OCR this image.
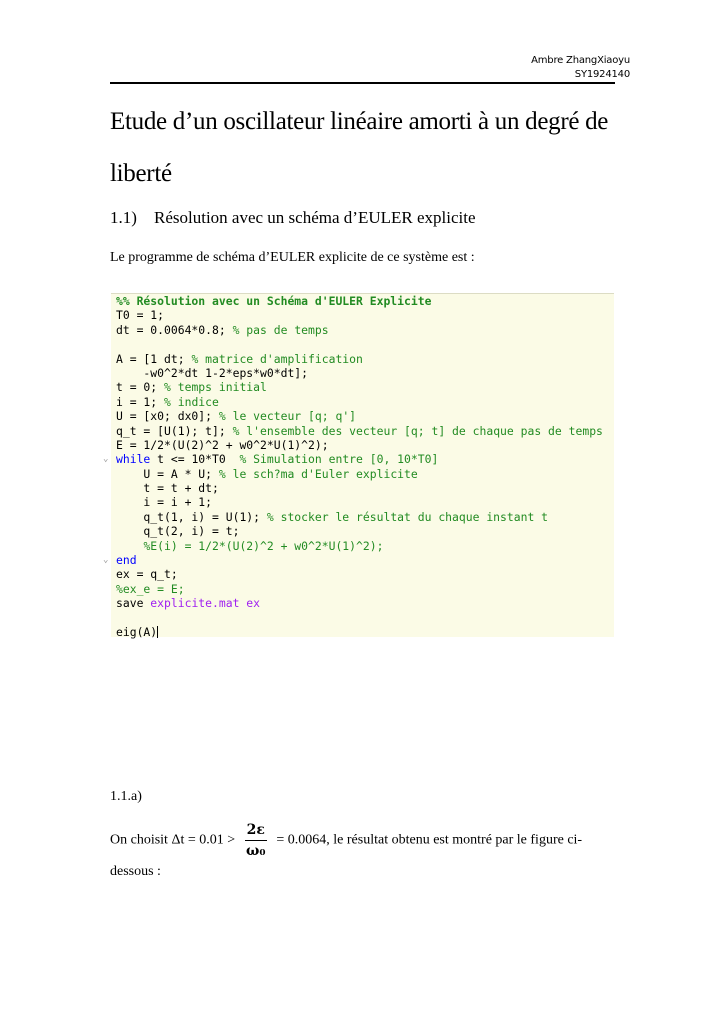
Ambre ZhangXiaoyu
SY1924140
Etude d’un oscillateur linéaire amorti à un degré de liberté
1.1) Résolution avec un schéma d’EULER explicite

Le programme de schéma d’EULER explicite de ce système est :

%% Résolution avec un Schéma d'EULER Explicite
T0 = 1;
dt = 0.0064*0.8; % pas de temps
A = [1 dt; % matrice d'amplification
-w0^2*dt 1-2*eps*w0*dt];
t = 0; % temps initial
i = 1; % indice
U = [x0; dx0]; % le vecteur [q; q']
q_t = [U(1); t]; % l'ensemble des vecteur [q; t] de chaque pas de temps
E = 1/2*(U(2)^2 + w0^2*U(1)^2);
⌄ while t <= 10*T0  % Simulation entre [0, 10*T0]
U = A * U; % le sch?ma d'Euler explicite
t = t + dt;
i = i + 1;
q_t(1, i) = U(1); % stocker le résultat du chaque instant t
q_t(2, i) = t;
%E(i) = 1/2*(U(2)^2 + w0^2*U(1)^2);
⌄ end
ex = q_t;
%ex_e = E;
save explicite.mat ex
eig(A)

1.1.a)

On choisit $\Delta t = 0.01 > \frac{2\varepsilon}{\text{ω₀}} = 0.0064$, le résultat obtenu est montré par le figure ci-
dessous :
